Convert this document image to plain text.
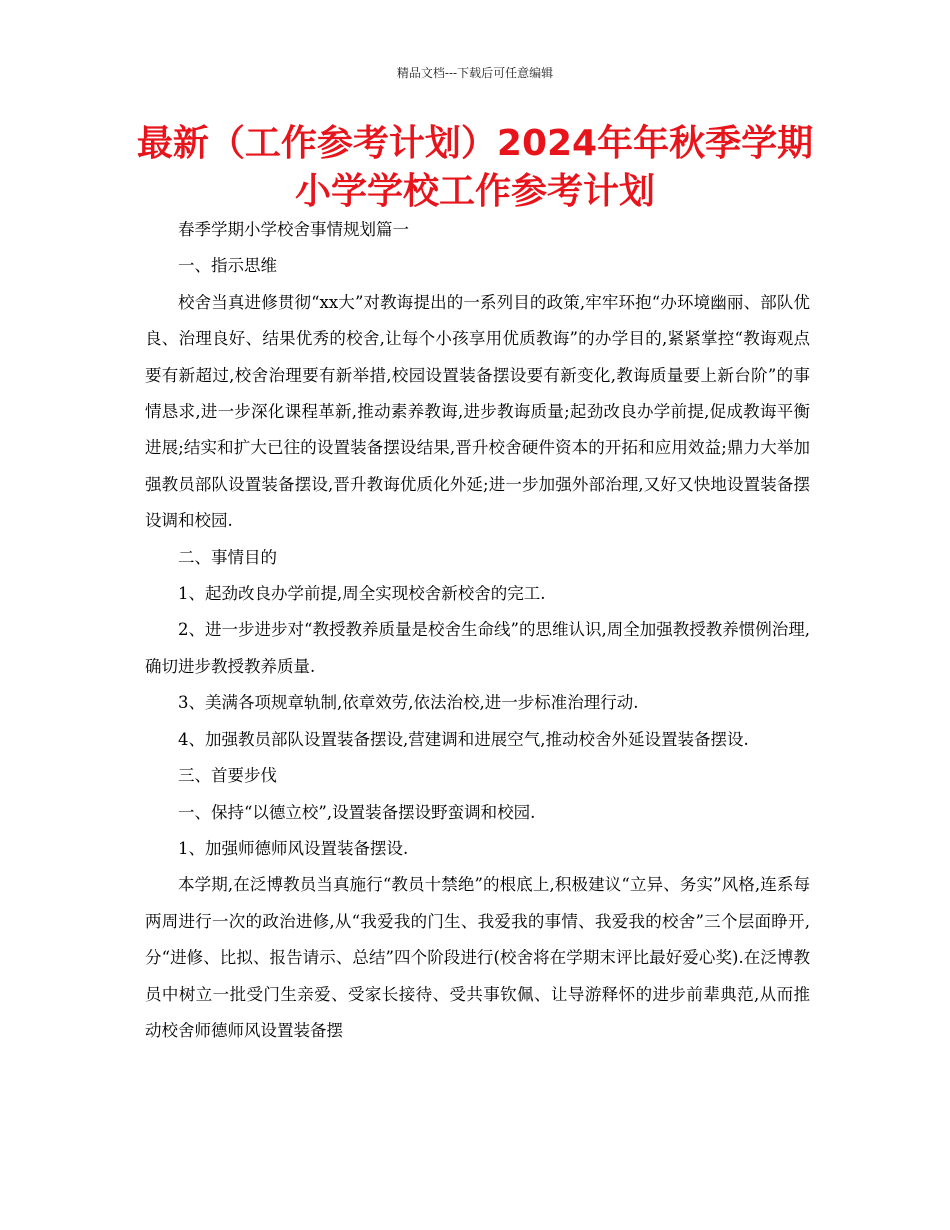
精品文档---下载后可任意编辑
最新（工作参考计划）2024年年秋季学期
小学学校工作参考计划

春季学期小学校舍事情规划篇一

一、指示思维

校舍当真进修贯彻“xx大”对教诲提出的一系列目的政策,牢牢环抱“办环境幽丽、部队优良、治理良好、结果优秀的校舍,让每个小孩享用优质教诲”的办学目的,紧紧掌控“教诲观点要有新超过,校舍治理要有新举措,校园设置装备摆设要有新变化,教诲质量要上新台阶”的事情恳求,进一步深化课程革新,推动素养教诲,进步教诲质量;起劲改良办学前提,促成教诲平衡进展;结实和扩大已往的设置装备摆设结果,晋升校舍硬件资本的开拓和应用效益;鼎力大举加强教员部队设置装备摆设,晋升教诲优质化外延;进一步加强外部治理,又好又快地设置装备摆设调和校园.

二、事情目的

1、起劲改良办学前提,周全实现校舍新校舍的完工.

2、进一步进步对“教授教养质量是校舍生命线”的思维认识,周全加强教授教养惯例治理,确切进步教授教养质量.

3、美满各项规章轨制,依章效劳,依法治校,进一步标准治理行动.

4、加强教员部队设置装备摆设,营建调和进展空气,推动校舍外延设置装备摆设.

三、首要步伐

一、保持“以德立校”,设置装备摆设野蛮调和校园.

1、加强师德师风设置装备摆设.

本学期,在泛博教员当真施行“教员十禁绝”的根底上,积极建议“立异、务实”风格,连系每两周进行一次的政治进修,从“我爱我的门生、我爱我的事情、我爱我的校舍”三个层面睁开,分“进修、比拟、报告请示、总结”四个阶段进行(校舍将在学期末评比最好爱心奖).在泛博教员中树立一批受门生亲爱、受家长接待、受共事钦佩、让导游释怀的进步前辈典范,从而推动校舍师德师风设置装备摆
